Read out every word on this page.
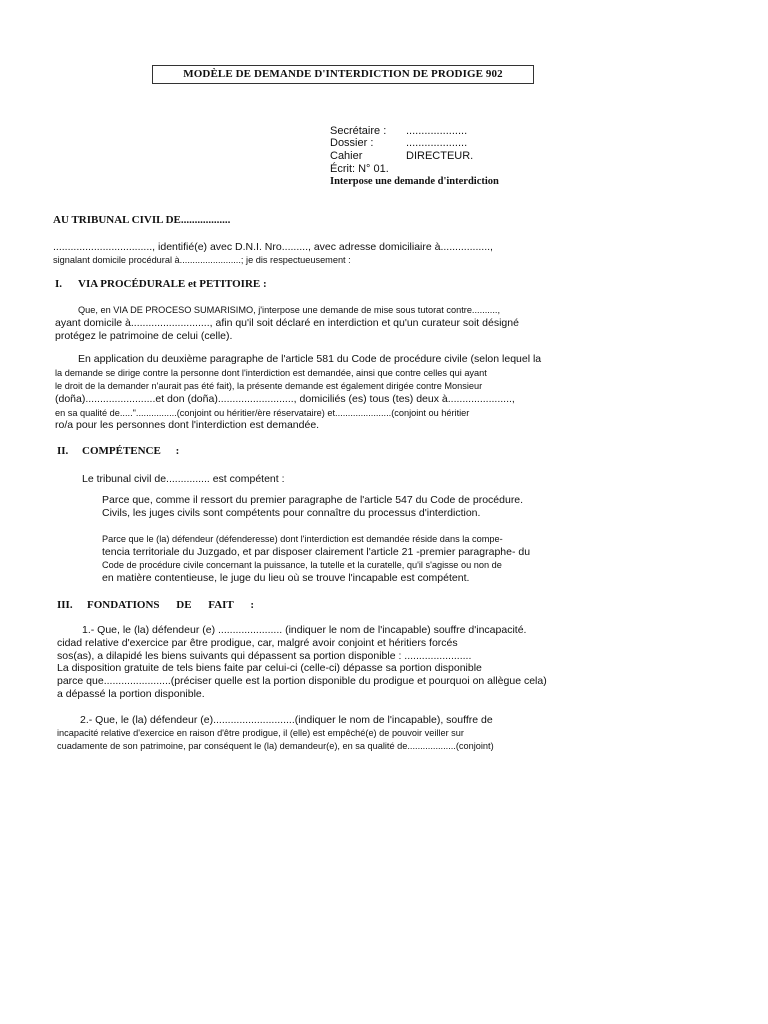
MODÈLE DE DEMANDE D'INTERDICTION DE PRODIGE 902
Secrétaire : ....................
Dossier :	....................
Cahier	DIRECTEUR.
Écrit: N° 01.
Interpose une demande d'interdiction
AU TRIBUNAL CIVIL DE..................
.................................., identifié(e) avec D.N.I. Nro........., avec adresse domiciliaire à.................,
signalant domicile procédural à........................; je dis respectueusement :
I. VIA PROCÉDURALE et PETITOIRE :
Que, en VIA DE PROCESO SUMARISIMO, j'interpose une demande de mise sous tutorat contre..........,
ayant domicile à..........................., afin qu'il soit déclaré en interdiction et qu'un curateur soit désigné
protégez le patrimoine de celui (celle).
En application du deuxième paragraphe de l'article 581 du Code de procédure civile (selon lequel la
la demande se dirige contre la personne dont l'interdiction est demandée, ainsi que contre celles qui ayant
le droit de la demander n'aurait pas été fait), la présente demande est également dirigée contre Monsieur
(doña)........................et don (doña).........................., domiciliés (es) tous (tes) deux à......................,
en sa qualité de....."................(conjoint ou héritier/ère réservataire) et......................(conjoint ou héritier
ro/a pour les personnes dont l'interdiction est demandée.
II. COMPÉTENCE :
Le tribunal civil de............... est compétent :
Parce que, comme il ressort du premier paragraphe de l'article 547 du Code de procédure.
Civils, les juges civils sont compétents pour connaître du processus d'interdiction.
Parce que le (la) défendeur (défenderesse) dont l'interdiction est demandée réside dans la compe-
tencia territoriale du Juzgado, et par disposer clairement l'article 21 -premier paragraphe- du
Code de procédure civile concernant la puissance, la tutelle et la curatelle, qu'il s'agisse ou non de
en matière contentieuse, le juge du lieu où se trouve l'incapable est compétent.
III. FONDATIONS DE FAIT :
1.- Que, le (la) défendeur (e) ...................... (indiquer le nom de l'incapable) souffre d'incapacité.
cidad relative d'exercice par être prodigue, car, malgré avoir conjoint et héritiers forcés
sos(as), a dilapidé les biens suivants qui dépassent sa portion disponible : .......................
La disposition gratuite de tels biens faite par celui-ci (celle-ci) dépasse sa portion disponible
parce que.......................(préciser quelle est la portion disponible du prodigue et pourquoi on allègue cela)
a dépassé la portion disponible.
2.- Que, le (la) défendeur (e)............................(indiquer le nom de l'incapable), souffre de
incapacité relative d'exercice en raison d'être prodigue, il (elle) est empêché(e) de pouvoir veiller sur
cuadamente de son patrimoine, par conséquent le (la) demandeur(e), en sa qualité de...................(conjoint)
